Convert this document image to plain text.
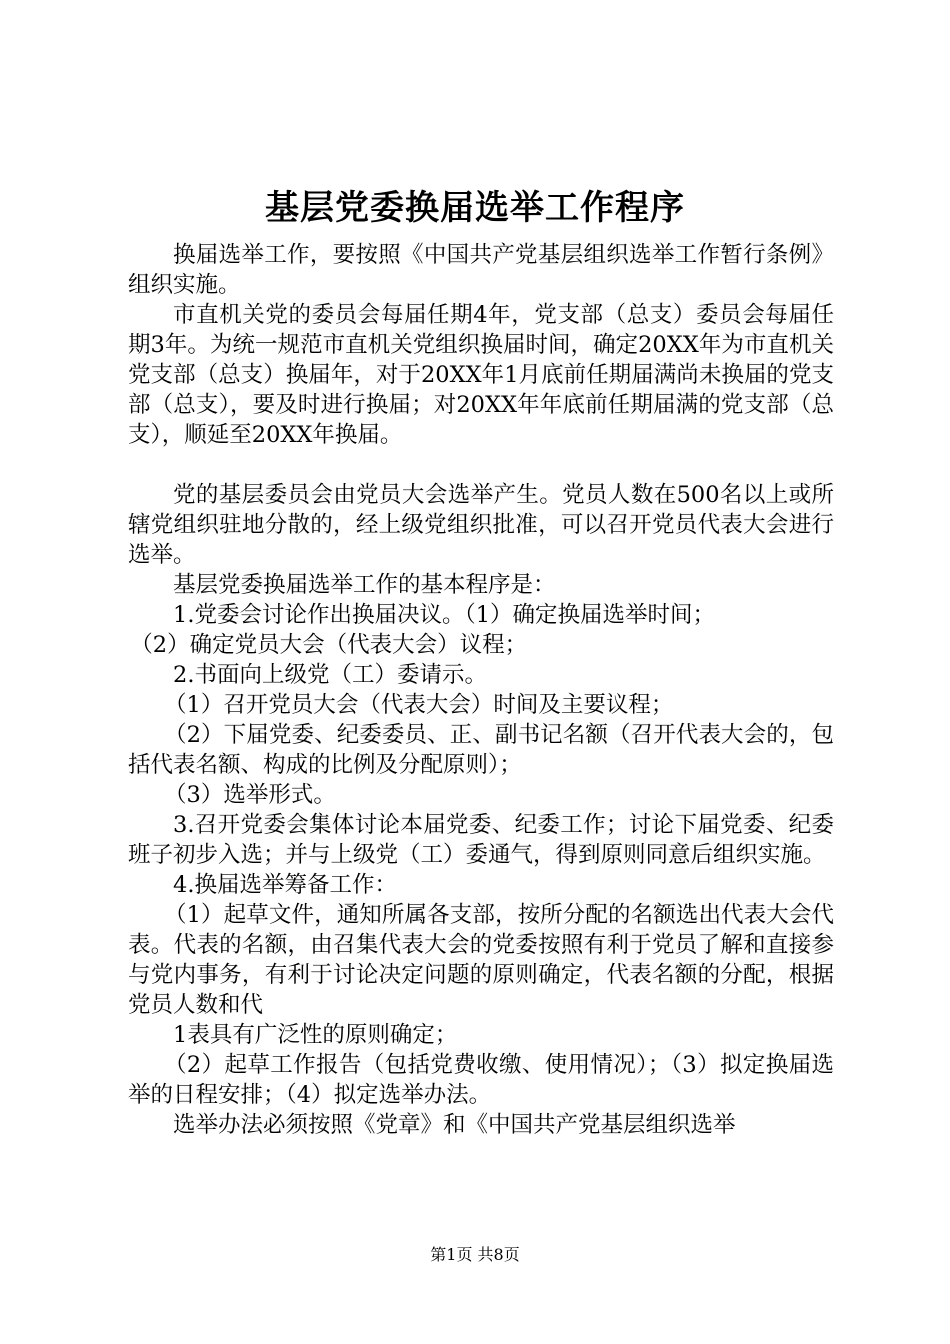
基层党委换届选举工作程序

换届选举工作，要按照《中国共产党基层组织选举工作暂行条例》组织实施。

市直机关党的委员会每届任期4年，党支部（总支）委员会每届任期3年。为统一规范市直机关党组织换届时间，确定20XX年为市直机关党支部（总支）换届年，对于20XX年1月底前任期届满尚未换届的党支部（总支），要及时进行换届；对20XX年年底前任期届满的党支部（总支），顺延至20XX年换届。

党的基层委员会由党员大会选举产生。党员人数在500名以上或所辖党组织驻地分散的，经上级党组织批准，可以召开党员代表大会进行选举。

基层党委换届选举工作的基本程序是：

1.党委会讨论作出换届决议。（1）确定换届选举时间；

（2）确定党员大会（代表大会）议程；

2.书面向上级党（工）委请示。

（1）召开党员大会（代表大会）时间及主要议程；

（2）下届党委、纪委委员、正、副书记名额（召开代表大会的，包括代表名额、构成的比例及分配原则）；

（3）选举形式。

3.召开党委会集体讨论本届党委、纪委工作；讨论下届党委、纪委班子初步入选；并与上级党（工）委通气，得到原则同意后组织实施。

4.换届选举筹备工作：

（1）起草文件，通知所属各支部，按所分配的名额选出代表大会代表。代表的名额，由召集代表大会的党委按照有利于党员了解和直接参与党内事务，有利于讨论决定问题的原则确定，代表名额的分配，根据党员人数和代

1表具有广泛性的原则确定；

（2）起草工作报告（包括党费收缴、使用情况）；（3）拟定换届选举的日程安排；（4）拟定选举办法。

选举办法必须按照《党章》和《中国共产党基层组织选举

第1页 共8页
